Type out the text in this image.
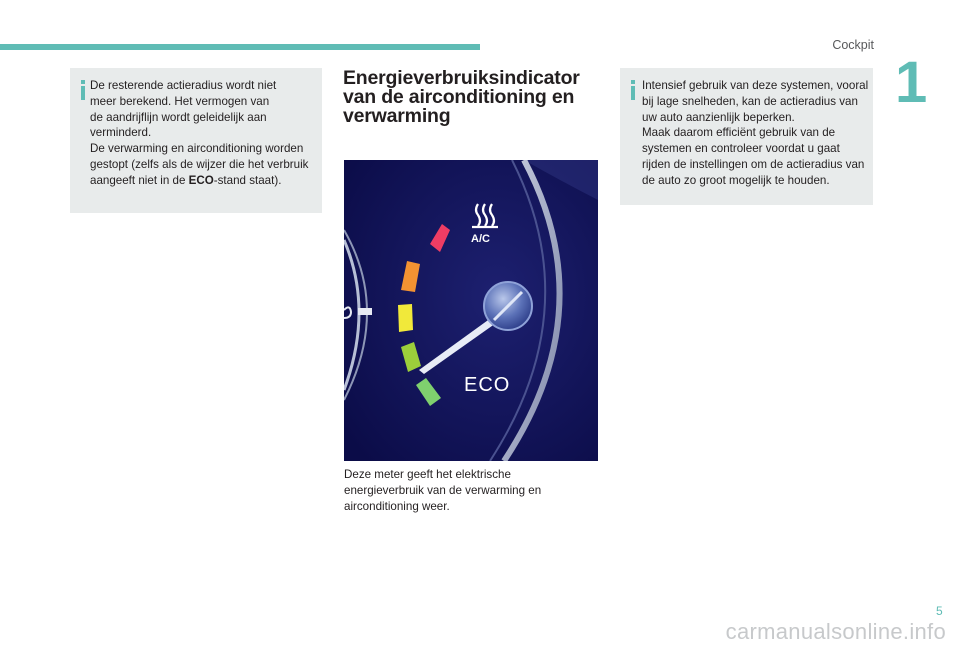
Cockpit
1
De resterende actieradius wordt niet
meer berekend. Het vermogen van
de aandrijflijn wordt geleidelijk aan
verminderd.
De verwarming en airconditioning worden
gestopt (zelfs als de wijzer die het verbruik
aangeeft niet in de ECO-stand staat).
Energieverbruiksindicator
van de airconditioning en
verwarming
A/C
ECO
Deze meter geeft het elektrische
energieverbruik van de verwarming en
airconditioning weer.
Intensief gebruik van deze systemen, vooral
bij lage snelheden, kan de actieradius van
uw auto aanzienlijk beperken.
Maak daarom efficiënt gebruik van de
systemen en controleer voordat u gaat
rijden de instellingen om de actieradius van
de auto zo groot mogelijk te houden.
5
carmanualsonline.info
